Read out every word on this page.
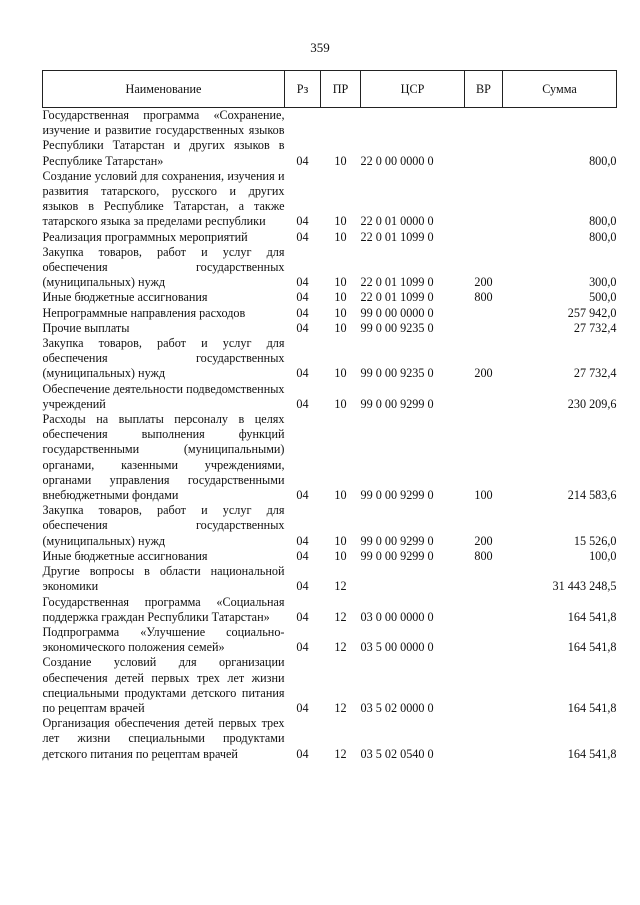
359
Наименование	Рз	ПР	ЦСР	ВР	Сумма
Государственная программа «Сохранение, изучение и развитие государственных языков Республики Татарстан и других языков в Республике Татарстан»	04	10	22 0 00 0000 0		800,0
Создание условий для сохранения, изучения и развития татарского, русского и других языков в Республике Татарстан, а также татарского языка за пределами республики	04	10	22 0 01 0000 0		800,0
Реализация программных мероприятий	04	10	22 0 01 1099 0		800,0
Закупка товаров, работ и услуг для обеспечения государственных (муниципальных) нужд	04	10	22 0 01 1099 0	200	300,0
Иные бюджетные ассигнования	04	10	22 0 01 1099 0	800	500,0
Непрограммные направления расходов	04	10	99 0 00 0000 0		257 942,0
Прочие выплаты	04	10	99 0 00 9235 0		27 732,4
Закупка товаров, работ и услуг для обеспечения государственных (муниципальных) нужд	04	10	99 0 00 9235 0	200	27 732,4
Обеспечение деятельности подведомственных учреждений	04	10	99 0 00 9299 0		230 209,6
Расходы на выплаты персоналу в целях обеспечения выполнения функций государственными (муниципальными) органами, казенными учреждениями, органами управления государственными внебюджетными фондами	04	10	99 0 00 9299 0	100	214 583,6
Закупка товаров, работ и услуг для обеспечения государственных (муниципальных) нужд	04	10	99 0 00 9299 0	200	15 526,0
Иные бюджетные ассигнования	04	10	99 0 00 9299 0	800	100,0
Другие вопросы в области национальной экономики	04	12			31 443 248,5
Государственная программа «Социальная поддержка граждан Республики Татарстан»	04	12	03 0 00 0000 0		164 541,8
Подпрограмма «Улучшение социально-экономического положения семей»	04	12	03 5 00 0000 0		164 541,8
Создание условий для организации обеспечения детей первых трех лет жизни специальными продуктами детского питания по рецептам врачей	04	12	03 5 02 0000 0		164 541,8
Организация обеспечения детей первых трех лет жизни специальными продуктами детского питания по рецептам врачей	04	12	03 5 02 0540 0		164 541,8
